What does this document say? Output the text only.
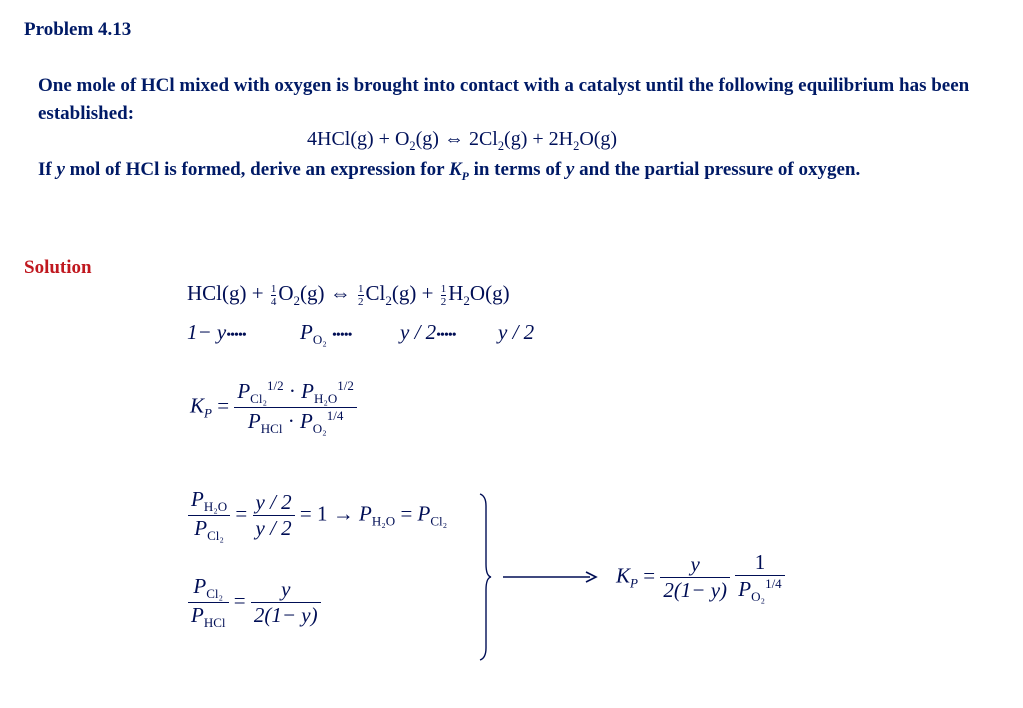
Problem 4.13
One mole of HCl mixed with oxygen is brought into contact with a catalyst until the following equilibrium has been established:
$4HCl(g) + O_2(g)$ ⇔ $2Cl_2(g) + 2H_2O(g)$
If y mol of HCl is formed, derive an expression for $K_P$ in terms of y and the partial pressure of oxygen.
Solution
$HCl(g) + \frac{1}{4} O_2(g)$ ⇔ $\frac{1}{2} Cl_2(g) + \frac{1}{2} H_2O(g)$
1− y•••••	$P_{O_2}$ ••••• y / 2••••• y / 2
$K_P = \frac{P_{Cl_2}^{1/2} \cdot P_{H_2O}^{1/2}}{P_{HCl} \cdot P_{O_2}^{1/4}}$
$\frac{P_{H_2O}}{P_{Cl_2}} = \frac{y / 2}{y / 2} = 1 \to P_{H_2O} = P_{Cl_2}$
$\frac{P_{Cl_2}}{P_{HCl}} = \frac{y}{2(1- y)}$
$K_P = \frac{y}{2(1- y)}$
$\frac{1}{P_{O_2}^{1/4}}$
